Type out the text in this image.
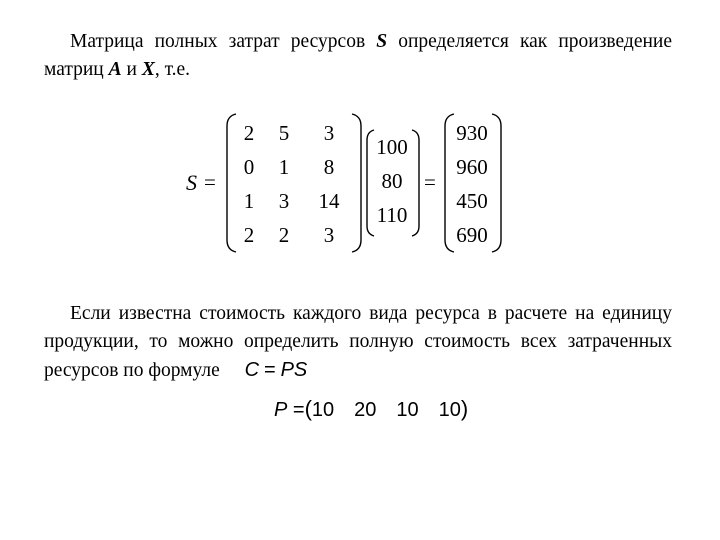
Матрица полных затрат ресурсов S определяется как произведение матриц A и X, т.е.
S =
2	5	3
0	1	8
1	3	14
2	2	3
100
80
110
=
930
960
450
690
Если известна стоимость каждого вида ресурса в расчете на единицу продукции, то можно определить полную стоимость всех затраченных ресурсов по формуле C = PS
P =(10 20 10 10)
